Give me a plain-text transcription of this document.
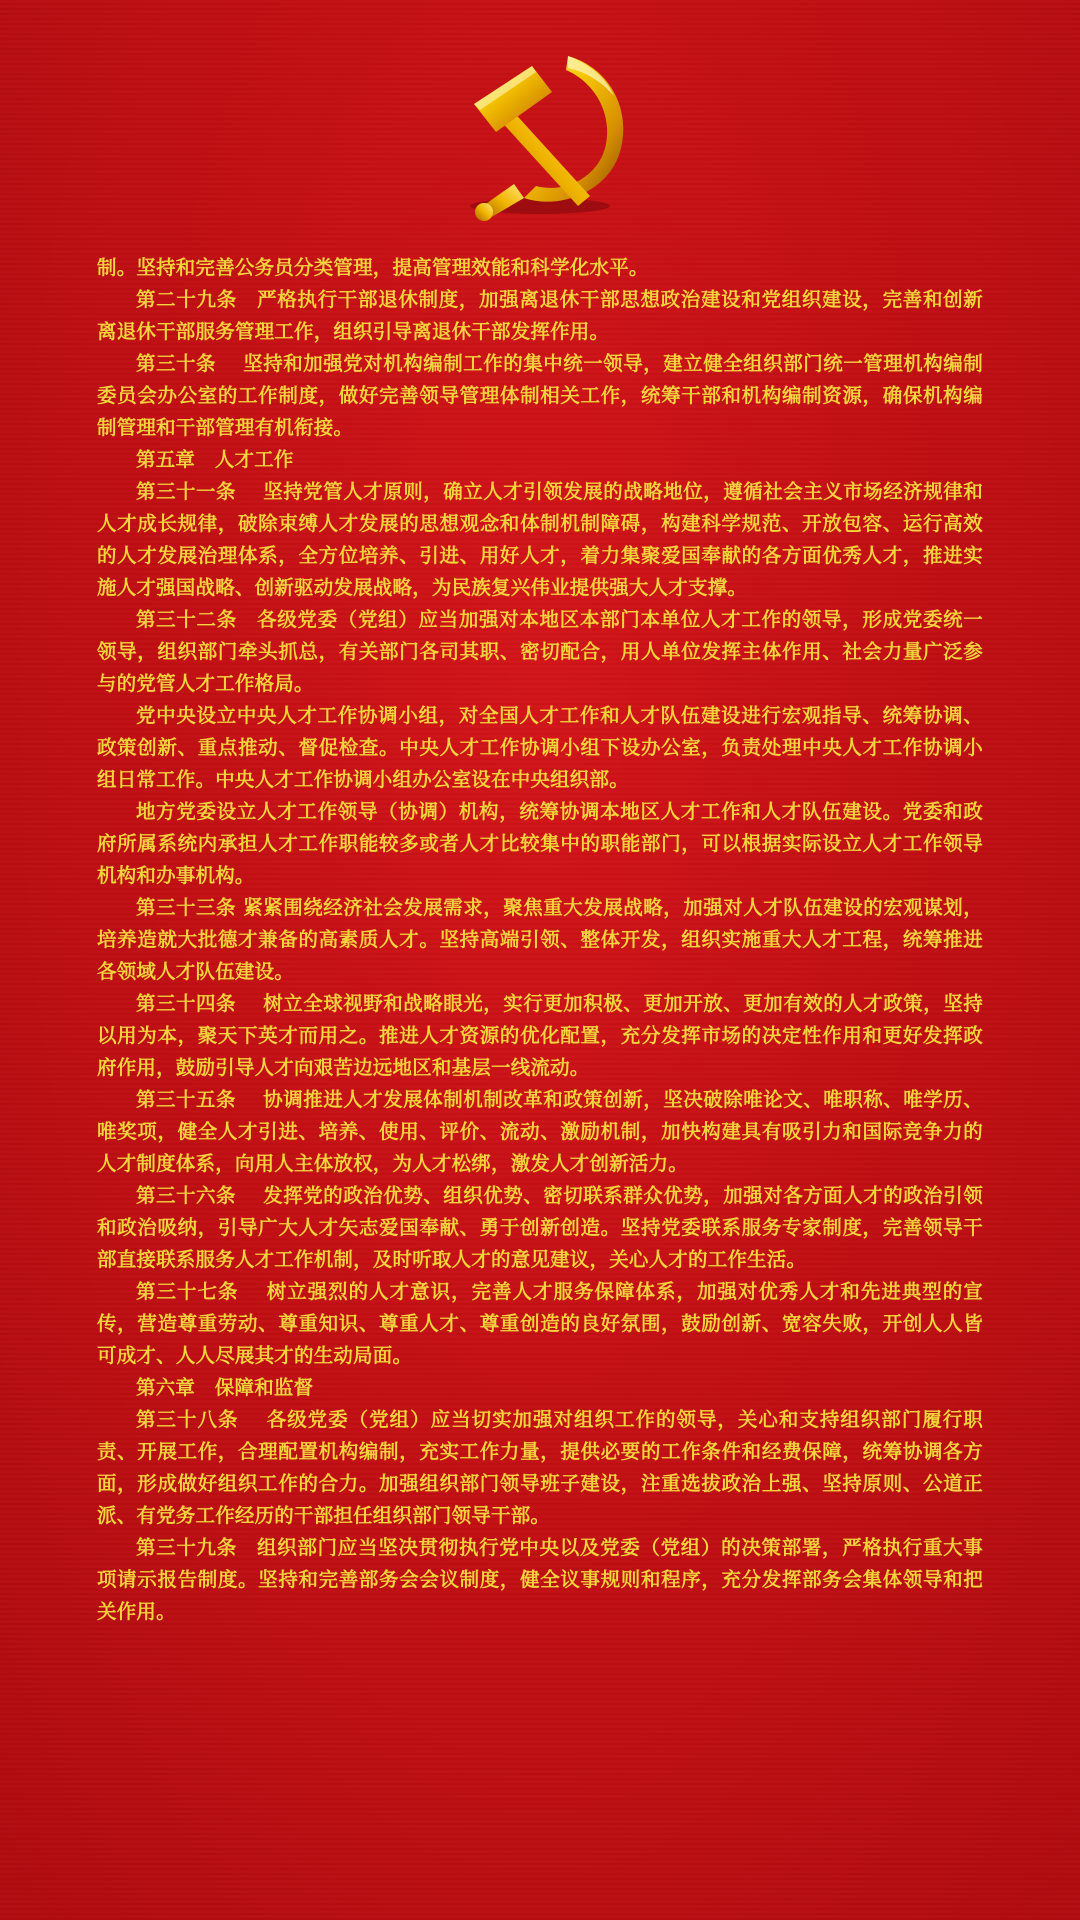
制。坚持和完善公务员分类管理，提高管理效能和科学化水平。

第二十九条　严格执行干部退休制度，加强离退休干部思想政治建设和党组织建设，完善和创新离退休干部服务管理工作，组织引导离退休干部发挥作用。

第三十条　 坚持和加强党对机构编制工作的集中统一领导，建立健全组织部门统一管理机构编制委员会办公室的工作制度，做好完善领导管理体制相关工作，统筹干部和机构编制资源，确保机构编制管理和干部管理有机衔接。

第五章　人才工作

第三十一条　 坚持党管人才原则，确立人才引领发展的战略地位，遵循社会主义市场经济规律和人才成长规律，破除束缚人才发展的思想观念和体制机制障碍，构建科学规范、开放包容、运行高效的人才发展治理体系，全方位培养、引进、用好人才，着力集聚爱国奉献的各方面优秀人才，推进实施人才强国战略、创新驱动发展战略，为民族复兴伟业提供强大人才支撑。

第三十二条　各级党委（党组）应当加强对本地区本部门本单位人才工作的领导，形成党委统一领导，组织部门牵头抓总，有关部门各司其职、密切配合，用人单位发挥主体作用、社会力量广泛参与的党管人才工作格局。

党中央设立中央人才工作协调小组，对全国人才工作和人才队伍建设进行宏观指导、统筹协调、政策创新、重点推动、督促检查。中央人才工作协调小组下设办公室，负责处理中央人才工作协调小组日常工作。中央人才工作协调小组办公室设在中央组织部。

地方党委设立人才工作领导（协调）机构，统筹协调本地区人才工作和人才队伍建设。党委和政府所属系统内承担人才工作职能较多或者人才比较集中的职能部门，可以根据实际设立人才工作领导机构和办事机构。

第三十三条 紧紧围绕经济社会发展需求，聚焦重大发展战略，加强对人才队伍建设的宏观谋划，培养造就大批德才兼备的高素质人才。坚持高端引领、整体开发，组织实施重大人才工程，统筹推进各领域人才队伍建设。

第三十四条　 树立全球视野和战略眼光，实行更加积极、更加开放、更加有效的人才政策，坚持以用为本，聚天下英才而用之。推进人才资源的优化配置，充分发挥市场的决定性作用和更好发挥政府作用，鼓励引导人才向艰苦边远地区和基层一线流动。

第三十五条　 协调推进人才发展体制机制改革和政策创新，坚决破除唯论文、唯职称、唯学历、唯奖项，健全人才引进、培养、使用、评价、流动、激励机制，加快构建具有吸引力和国际竞争力的人才制度体系，向用人主体放权，为人才松绑，激发人才创新活力。

第三十六条　 发挥党的政治优势、组织优势、密切联系群众优势，加强对各方面人才的政治引领和政治吸纳，引导广大人才矢志爱国奉献、勇于创新创造。坚持党委联系服务专家制度，完善领导干部直接联系服务人才工作机制，及时听取人才的意见建议，关心人才的工作生活。

第三十七条　 树立强烈的人才意识，完善人才服务保障体系，加强对优秀人才和先进典型的宣传，营造尊重劳动、尊重知识、尊重人才、尊重创造的良好氛围，鼓励创新、宽容失败，开创人人皆可成才、人人尽展其才的生动局面。

第六章　保障和监督

第三十八条　 各级党委（党组）应当切实加强对组织工作的领导，关心和支持组织部门履行职责、开展工作，合理配置机构编制，充实工作力量，提供必要的工作条件和经费保障，统筹协调各方面，形成做好组织工作的合力。加强组织部门领导班子建设，注重选拔政治上强、坚持原则、公道正派、有党务工作经历的干部担任组织部门领导干部。

第三十九条　组织部门应当坚决贯彻执行党中央以及党委（党组）的决策部署，严格执行重大事项请示报告制度。坚持和完善部务会会议制度，健全议事规则和程序，充分发挥部务会集体领导和把关作用。
